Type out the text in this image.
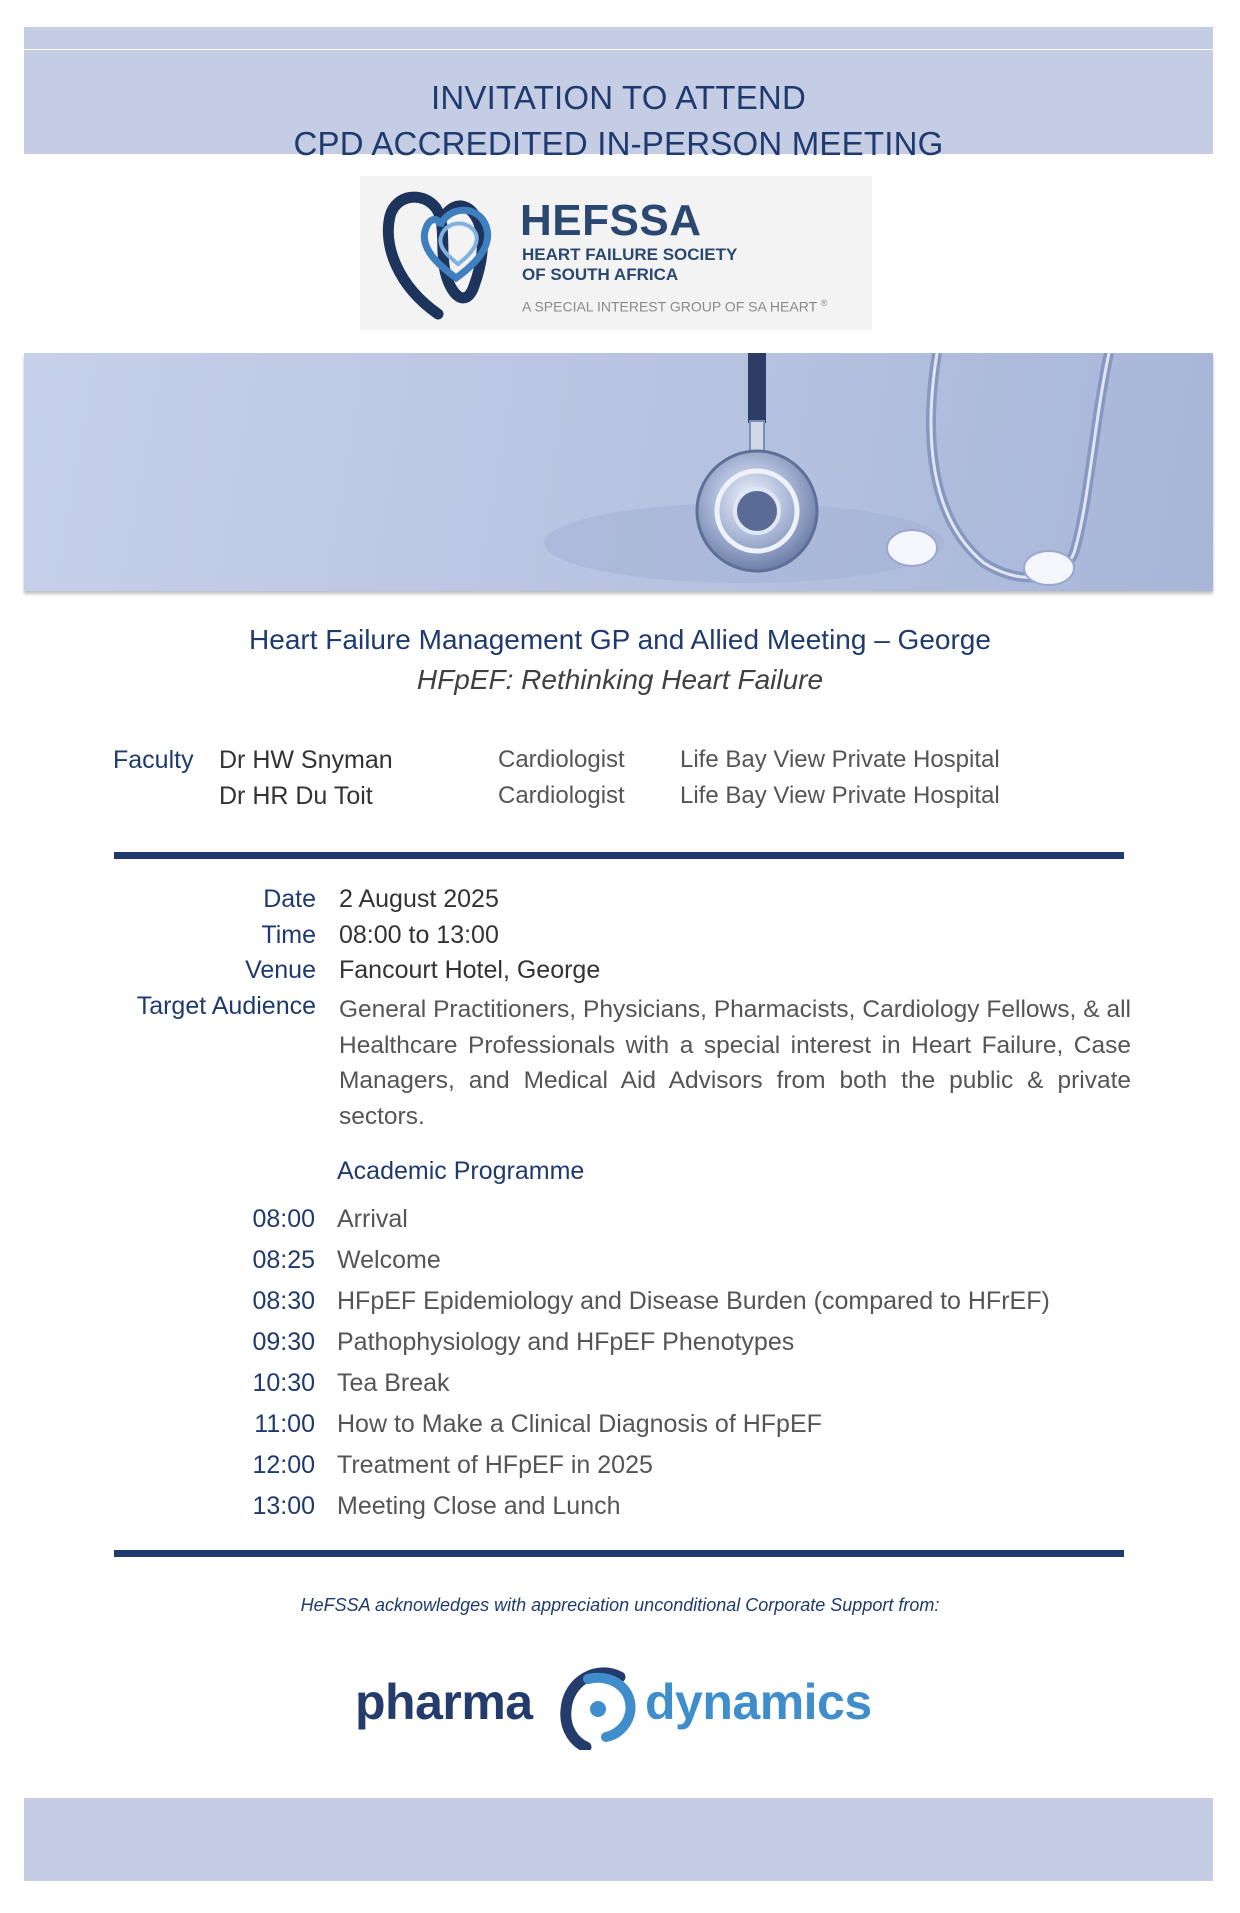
INVITATION TO ATTEND
CPD ACCREDITED IN-PERSON MEETING
HEFSSA
HEART FAILURE SOCIETY
OF SOUTH AFRICA
A SPECIAL INTEREST GROUP OF SA HEART ®
Heart Failure Management GP and Allied Meeting – George
HFpEF: Rethinking Heart Failure
Faculty Dr HW Snyman	Cardiologist Life Bay View Private Hospital
Dr HR Du Toit	Cardiologist Life Bay View Private Hospital
Date 2 August 2025
Time 08:00 to 13:00
Venue Fancourt Hotel, George
Target Audience General Practitioners, Physicians, Pharmacists, Cardiology Fellows, & all Healthcare Professionals with a special interest in Heart Failure, Case Managers, and Medical Aid Advisors from both the public & private sectors.
Academic Programme
08:00 Arrival
08:25 Welcome
08:30 HFpEF Epidemiology and Disease Burden (compared to HFrEF)
09:30 Pathophysiology and HFpEF Phenotypes
10:30 Tea Break
11:00 How to Make a Clinical Diagnosis of HFpEF
12:00 Treatment of HFpEF in 2025
13:00 Meeting Close and Lunch
HeFSSA acknowledges with appreciation unconditional Corporate Support from:
pharma dynamics
